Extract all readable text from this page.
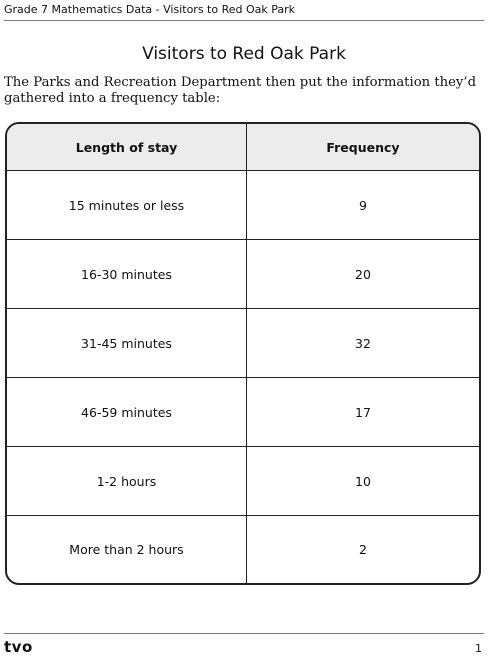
Grade 7 Mathematics Data - Visitors to Red Oak Park
Visitors to Red Oak Park
The Parks and Recreation Department then put the information they’d gathered into a frequency table:
Length of stay	Frequency
15 minutes or less	9
16-30 minutes	20
31-45 minutes	32
46-59 minutes	17
1-2 hours	10
More than 2 hours	2
tvo	1
